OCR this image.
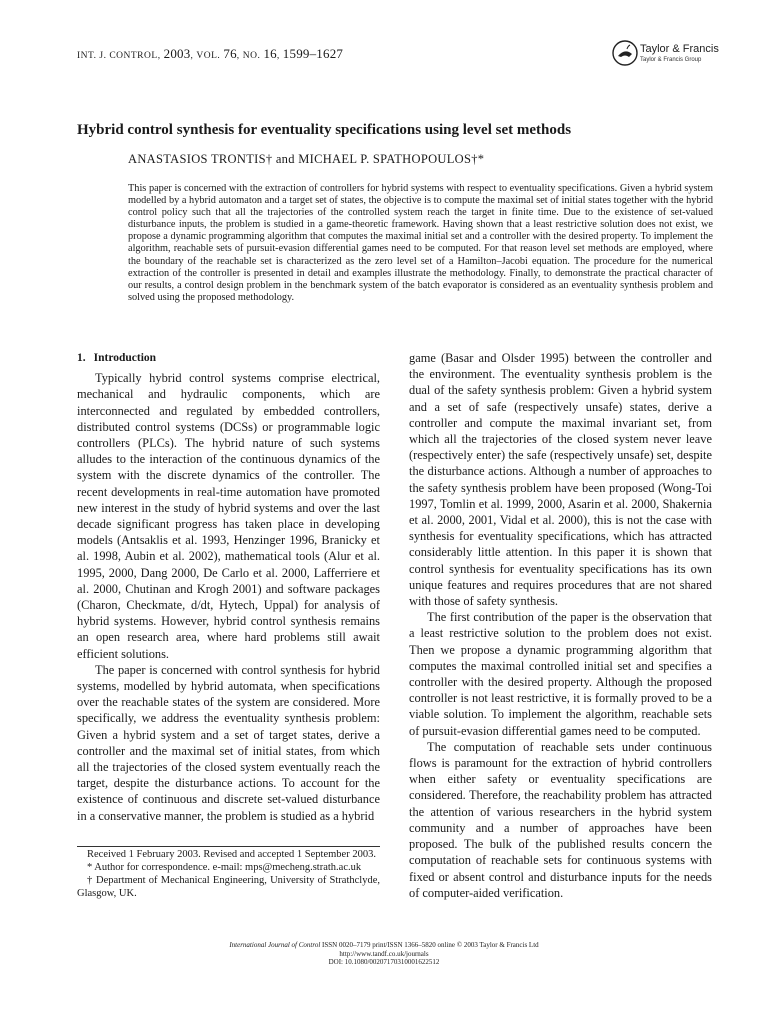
INT. J. CONTROL, 2003, VOL. 76, NO. 16, 1599–1627	Taylor & Francis
Taylor & Francis Group
Hybrid control synthesis for eventuality specifications using level set methods
ANASTASIOS TRONTIS† and MICHAEL P. SPATHOPOULOS†*

This paper is concerned with the extraction of controllers for hybrid systems with respect to eventuality specifications. Given a hybrid system modelled by a hybrid automaton and a target set of states, the objective is to compute the maximal set of initial states together with the hybrid control policy such that all the trajectories of the controlled system reach the target in finite time. Due to the existence of set-valued disturbance inputs, the problem is studied in a game-theoretic framework. Having shown that a least restrictive solution does not exist, we propose a dynamic programming algorithm that computes the maximal initial set and a controller with the desired property. To implement the algorithm, reachable sets of pursuit-evasion differential games need to be computed. For that reason level set methods are employed, where the boundary of the reachable set is characterized as the zero level set of a Hamilton–Jacobi equation. The procedure for the numerical extraction of the controller is presented in detail and examples illustrate the methodology. Finally, to demonstrate the practical character of our results, a control design problem in the benchmark system of the batch evaporator is considered as an eventuality synthesis problem and solved using the proposed methodology.

1. Introduction

Typically hybrid control systems comprise electrical, mechanical and hydraulic components, which are interconnected and regulated by embedded controllers, distributed control systems (DCSs) or programmable logic controllers (PLCs). The hybrid nature of such systems alludes to the interaction of the continuous dynamics of the system with the discrete dynamics of the controller. The recent developments in real-time automation have promoted new interest in the study of hybrid systems and over the last decade significant progress has taken place in developing models (Antsaklis et al. 1993, Henzinger 1996, Branicky et al. 1998, Aubin et al. 2002), mathematical tools (Alur et al. 1995, 2000, Dang 2000, De Carlo et al. 2000, Lafferriere et al. 2000, Chutinan and Krogh 2001) and software packages (Charon, Checkmate, d/dt, Hytech, Uppal) for analysis of hybrid systems. However, hybrid control synthesis remains an open research area, where hard problems still await efficient solutions.

The paper is concerned with control synthesis for hybrid systems, modelled by hybrid automata, when specifications over the reachable states of the system are considered. More specifically, we address the eventuality synthesis problem: Given a hybrid system and a set of target states, derive a controller and the maximal set of initial states, from which all the trajectories of the closed system eventually reach the target, despite the disturbance actions. To account for the existence of continuous and discrete set-valued disturbance in a conservative manner, the problem is studied as a hybrid

game (Basar and Olsder 1995) between the controller and the environment. The eventuality synthesis problem is the dual of the safety synthesis problem: Given a hybrid system and a set of safe (respectively unsafe) states, derive a controller and compute the maximal invariant set, from which all the trajectories of the closed system never leave (respectively enter) the safe (respectively unsafe) set, despite the disturbance actions. Although a number of approaches to the safety synthesis problem have been proposed (Wong-Toi 1997, Tomlin et al. 1999, 2000, Asarin et al. 2000, Shakernia et al. 2000, 2001, Vidal et al. 2000), this is not the case with synthesis for eventuality specifications, which has attracted considerably little attention. In this paper it is shown that control synthesis for eventuality specifications has its own unique features and requires procedures that are not shared with those of safety synthesis.

The first contribution of the paper is the observation that a least restrictive solution to the problem does not exist. Then we propose a dynamic programming algorithm that computes the maximal controlled initial set and specifies a controller with the desired property. Although the proposed controller is not least restrictive, it is formally proved to be a viable solution. To implement the algorithm, reachable sets of pursuit-evasion differential games need to be computed.

The computation of reachable sets under continuous flows is paramount for the extraction of hybrid controllers when either safety or eventuality specifications are considered. Therefore, the reachability problem has attracted the attention of various researchers in the hybrid system community and a number of approaches have been proposed. The bulk of the published results concern the computation of reachable sets for continuous systems with fixed or absent control and disturbance inputs for the needs of computer-aided verification.

Received 1 February 2003. Revised and accepted 1 September 2003.

* Author for correspondence. e-mail: mps@mecheng.strath.ac.uk

† Department of Mechanical Engineering, University of Strathclyde, Glasgow, UK.

International Journal of Control ISSN 0020–7179 print/ISSN 1366–5820 online © 2003 Taylor & Francis Ltd
http://www.tandf.co.uk/journals
DOI: 10.1080/00207170310001622512
